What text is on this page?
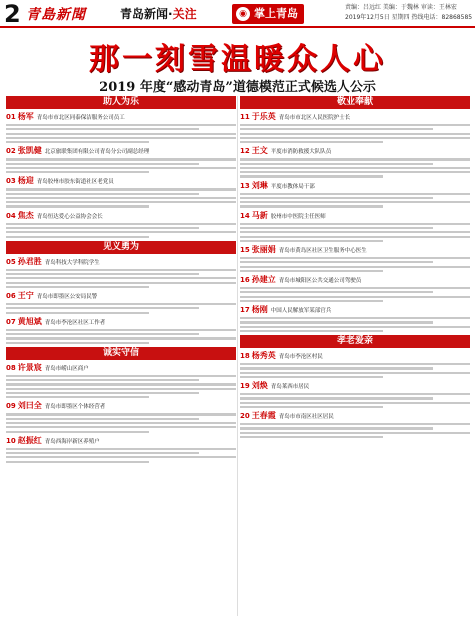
2 青島新聞	青岛新闻·关注	◉ 掌上青岛	责编：吕远红 美编：于魏林 审读：王林宏
2019年12月5日 星期四 热线电话：82868585
那一刻雪温暖众人心
2019 年度“感动青岛”道德模范正式候选人公示
助人为乐
01 杨军 青岛市市北区同泰保洁服务公司员工
02 张凯健 北京旅联集团有限公司青岛分公司副总经理
03 杨迎 青岛胶州市胶东街道社区老党员
04 焦杰 青岛恒达爱心公益协会会长
见义勇为
05 孙君胜 青岛科技大学科院学生
06 王宁 青岛市即墨区公安局民警
07 黄旭斌 青岛市李沧区社区工作者
诚实守信
08 许景宸 青岛市崂山区商户
09 刘曰全 青岛市即墨区个体经营者
10 赵振红 青岛西海岸新区养殖户
敬业奉献
11 于乐英 青岛市市北区人民医院护士长
12 王文 平度市消防救援大队队员
13 刘琳 平度市教体局干部
14 马新 胶州市中医院主任医师
15 张丽娟 青岛市黄岛区社区卫生服务中心医生
16 孙建立 青岛市城阳区公共交通公司驾驶员
17 杨刚 中国人民解放军某部官兵
孝老爱亲
18 杨秀英 青岛市李沧区村民
19 刘焕 青岛莱西市居民
20 王春霞 青岛市市南区社区居民
